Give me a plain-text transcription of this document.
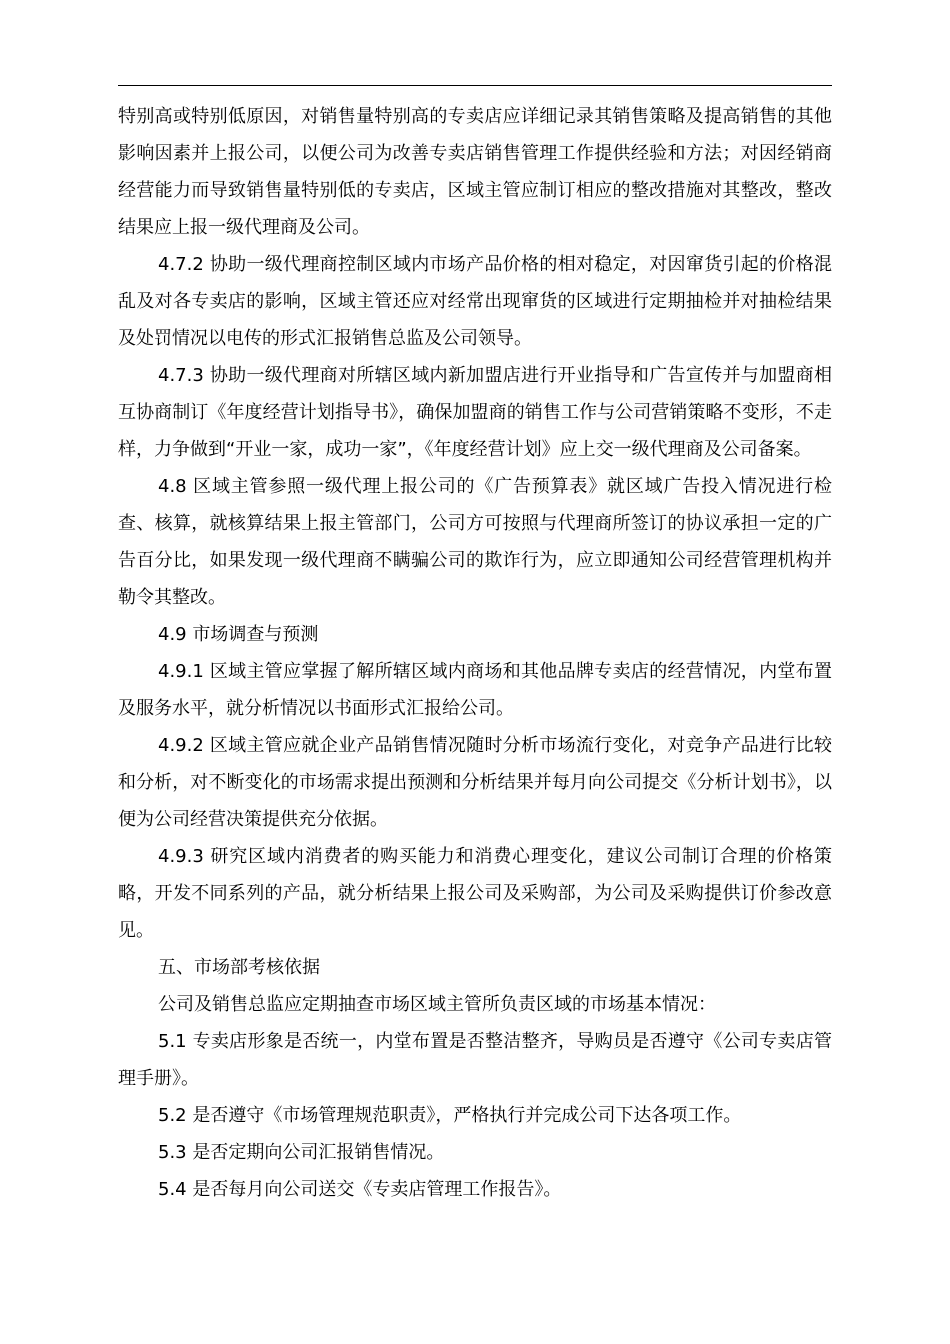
特别高或特别低原因，对销售量特别高的专卖店应详细记录其销售策略及提高销售的其他影响因素并上报公司，以便公司为改善专卖店销售管理工作提供经验和方法；对因经销商经营能力而导致销售量特别低的专卖店，区域主管应制订相应的整改措施对其整改，整改结果应上报一级代理商及公司。

4.7.2 协助一级代理商控制区域内市场产品价格的相对稳定，对因窜货引起的价格混乱及对各专卖店的影响，区域主管还应对经常出现窜货的区域进行定期抽检并对抽检结果及处罚情况以电传的形式汇报销售总监及公司领导。

4.7.3 协助一级代理商对所辖区域内新加盟店进行开业指导和广告宣传并与加盟商相互协商制订《年度经营计划指导书》，确保加盟商的销售工作与公司营销策略不变形，不走样，力争做到“开业一家，成功一家”，《年度经营计划》应上交一级代理商及公司备案。

4.8 区域主管参照一级代理上报公司的《广告预算表》就区域广告投入情况进行检查、核算，就核算结果上报主管部门，公司方可按照与代理商所签订的协议承担一定的广告百分比，如果发现一级代理商不瞒骗公司的欺诈行为，应立即通知公司经营管理机构并勒令其整改。

4.9 市场调查与预测

4.9.1 区域主管应掌握了解所辖区域内商场和其他品牌专卖店的经营情况，内堂布置及服务水平，就分析情况以书面形式汇报给公司。

4.9.2 区域主管应就企业产品销售情况随时分析市场流行变化，对竞争产品进行比较和分析，对不断变化的市场需求提出预测和分析结果并每月向公司提交《分析计划书》，以便为公司经营决策提供充分依据。

4.9.3 研究区域内消费者的购买能力和消费心理变化，建议公司制订合理的价格策略，开发不同系列的产品，就分析结果上报公司及采购部，为公司及采购提供订价参改意见。

五、市场部考核依据

公司及销售总监应定期抽查市场区域主管所负责区域的市场基本情况：

5.1 专卖店形象是否统一，内堂布置是否整洁整齐，导购员是否遵守《公司专卖店管理手册》。

5.2 是否遵守《市场管理规范职责》，严格执行并完成公司下达各项工作。

5.3 是否定期向公司汇报销售情况。

5.4 是否每月向公司送交《专卖店管理工作报告》。
